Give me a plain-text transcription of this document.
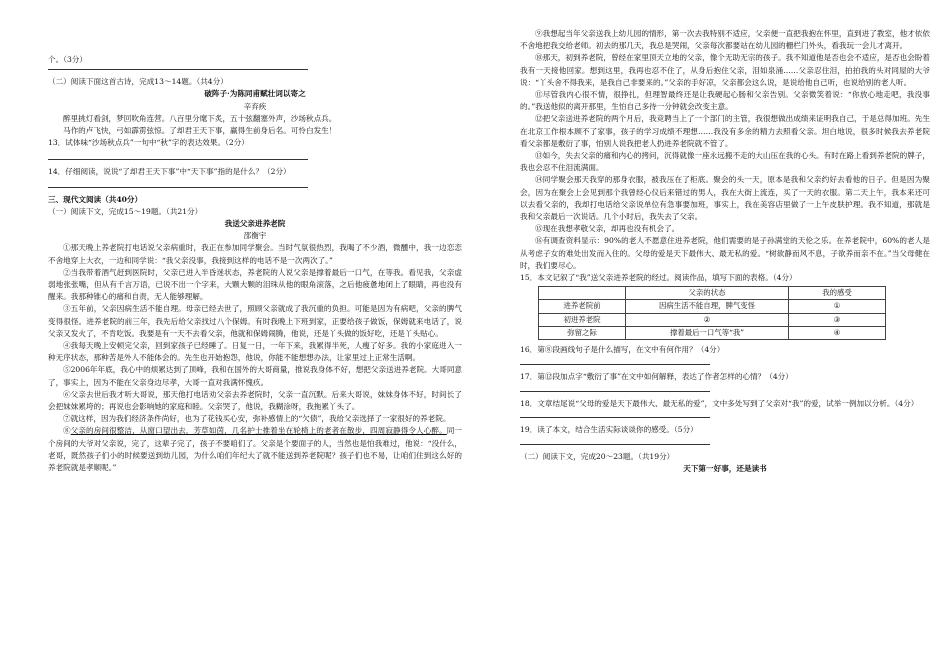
个。（3分）

（二）阅读下面这首古诗，完成13～14题。（共4分）

破阵子·为陈同甫赋壮词以寄之

辛弃疾

醉里挑灯看剑，梦回吹角连营。八百里分麾下炙，五十弦翻塞外声，沙场秋点兵。

马作的卢飞快，弓如霹雳弦惊。了却君王天下事，赢得生前身后名。可怜白发生！

13．试体味“沙场秋点兵”一句中“秋”字的表达效果。（2分）

14．仔细阅读，说说“了却君王天下事”中“天下事”指的是什么？（2分）

三、现代文阅读（共40分）

（一）阅读下文，完成15～19题。（共21分）

我送父亲进养老院

邵衡宇

①那天晚上养老院打电话说父亲病重时，我正在参加同学聚会。当时气氛很热烈，我喝了不少酒，微醺中，我一边恋恋不舍地穿上大衣，一边和同学说：“我父亲没事，我接到这样的电话不是一次两次了。”

②当我带着酒气赶到医院时，父亲已进入半昏迷状态，养老院的人说父亲是撑着最后一口气，在等我。看见我，父亲虚弱地张张嘴，但从有千言万语，已说不出一个字来，大颗大颗的泪珠从他的眼角滚落，之后他疲惫地闭上了眼睛，再也没有醒来。我那种锥心的痛和自责，无人能够理解。

③五年前，父亲因病生活不能自理。母亲已经去世了，照顾父亲就成了我沉重的负担。可能是因为有病吧，父亲的脾气变得很怪。进养老院的前三年，我先后给父亲找过八个保姆。有时我晚上下班到家，正要给孩子做饭，保姆就来电话了，说父亲又发火了，不肯吃饭。我要是有一天不去看父亲，他就和保姆闹腾，他说，还是丫头做的饭好吃，还是丫头贴心。

④我每天晚上安顿完父亲，回到家孩子已经睡了。日复一日，一年下来，我累得半死，人瘦了好多。我的小家庭进入一种无序状态，那种苦是外人不能体会的。先生也开始抱怨，他说，你能不能想想办法，让家里过上正常生活啊。

⑤2006年年底，我心中的烦累达到了顶峰，我和在国外的大哥商量，推说我身体不好，想把父亲送进养老院。大哥同意了，事实上，因为不能在父亲身边尽孝，大哥一直对我满怀愧疚。

⑥父亲去世后我才听大哥说，那天他打电话劝父亲去养老院时，父亲一直沉默。后来大哥说，妹妹身体不好，时间长了会把妹妹累垮的；再说也会影响她的家庭和睦。父亲哭了，他说，我糊涂呀，我拖累丫头了。

⑦就这样，因为我们经济条件尚好，也为了花钱买心安，弥补感情上的“欠债”，我给父亲选择了一家很好的养老院。

⑧父亲的房间很整洁，从窗口望出去，芳草如茵，几名护士推着坐在轮椅上的老者在散步，四周寂静得令人心醉。同一个房间的大爷对父亲说，完了，这辈子完了，孩子不要咱们了。父亲是个要面子的人，当然也是怕我难过，他说：“没什么，老哥，既然孩子们小的时候要送到幼儿园，为什么咱们年纪大了就不能送到养老院呢？孩子们也不易，让咱们住到这么好的养老院就是孝顺呢。”

⑨我想起当年父亲送我上幼儿园的情形，第一次去我特别不适应，父亲便一直把我抱在怀里，直到进了教室，他才依依不舍地把我交给老师。初去的那几天，我总是哭闹，父亲每次都要站在幼儿园的栅栏门外头，看我玩一会儿才离开。

⑩那天，初到养老院，曾经在家里顶天立地的父亲，像个无助无宗的孩子。我不知道他是否也会不适应，是否也会盼着我有一天接他回家。想到这里，我再也忍不住了，从身后抱住父亲，泪如泉涌……父亲忍住泪，拍拍我的头对同屋的大爷说：“丫头舍不得我来，是我自己非要来的。”父亲的手好凉，父亲都会这么说，是说给他自己听，也说给别的老人听。

⑪尽管我内心很不情，很挣扎，但理智最终还是让我硬起心肠和父亲告别。父亲微笑着说：“你放心地走吧，我没事的。”我送他似的离开那里，生怕自己多待一分钟就会改变主意。

⑫把父亲送进养老院的两个月后，我竞聘当上了一个部门的主管，我很想做出成绩来证明我自己，于是总得加班。先生在北京工作根本顾不了家事，孩子的学习成绩不理想……我没有多余的精力去照看父亲。坦白地说，很多时候我去养老院看父亲都是敷衍了事，怕别人说我把老人扔进养老院就不管了。

⑬如今，失去父亲的痛和内心的拷问，沉得就像一座永远搬不走的大山压在我的心头。有时在路上看到养老院的牌子，我也会忍不住泪流满面。

⑭同学聚会那天我穿的那身衣服，被我压在了柜底。聚会的头一天，原本是我和父亲约好去看他的日子。但是因为聚会，因为在聚会上会见到那个我曾经心仪后来错过的男人，我在大街上流连，买了一天的衣服。第二天上午，我本来还可以去看父亲的，我却打电话给父亲说单位有急事要加班，事实上，我在美容店里做了一上午皮肤护理。我不知道，那就是我和父亲最后一次说话。几个小时后，我失去了父亲。

⑮现在我想孝敬父亲，却再也没有机会了。

⑯有调查资料显示：90%的老人不愿意住进养老院，他们需要的是子孙满堂的天伦之乐。在养老院中，60%的老人是从考虑子女的难处出发而入住的。父母的爱是天下最伟大、最无私的爱。“树欲静而风不息，子欲养而亲不在。”当父母健在时，我们要尽心。

15．本文记叙了“我”送父亲进养老院的经过。阅读作品，填写下面的表格。（4分）

	父亲的状态	我的感受
进养老院前	因病生活不能自理，脾气变怪	①
初进养老院	②	③
弥留之际	撑着最后一口气等“我”	④

16．第⑧段画线句子是什么描写，在文中有何作用？（4分）

17．第⑫段加点字“敷衍了事”在文中如何解释，表达了作者怎样的心情？（4分）

18．文章结尾说“父母的爱是天下最伟大、最无私的爱”，文中多处写到了父亲对“我”的爱，试举一例加以分析。（4分）

19．读了本文，结合生活实际谈谈你的感受。（5分）

（二）阅读下文，完成20～23题。（共19分）

天下第一好事，还是读书
